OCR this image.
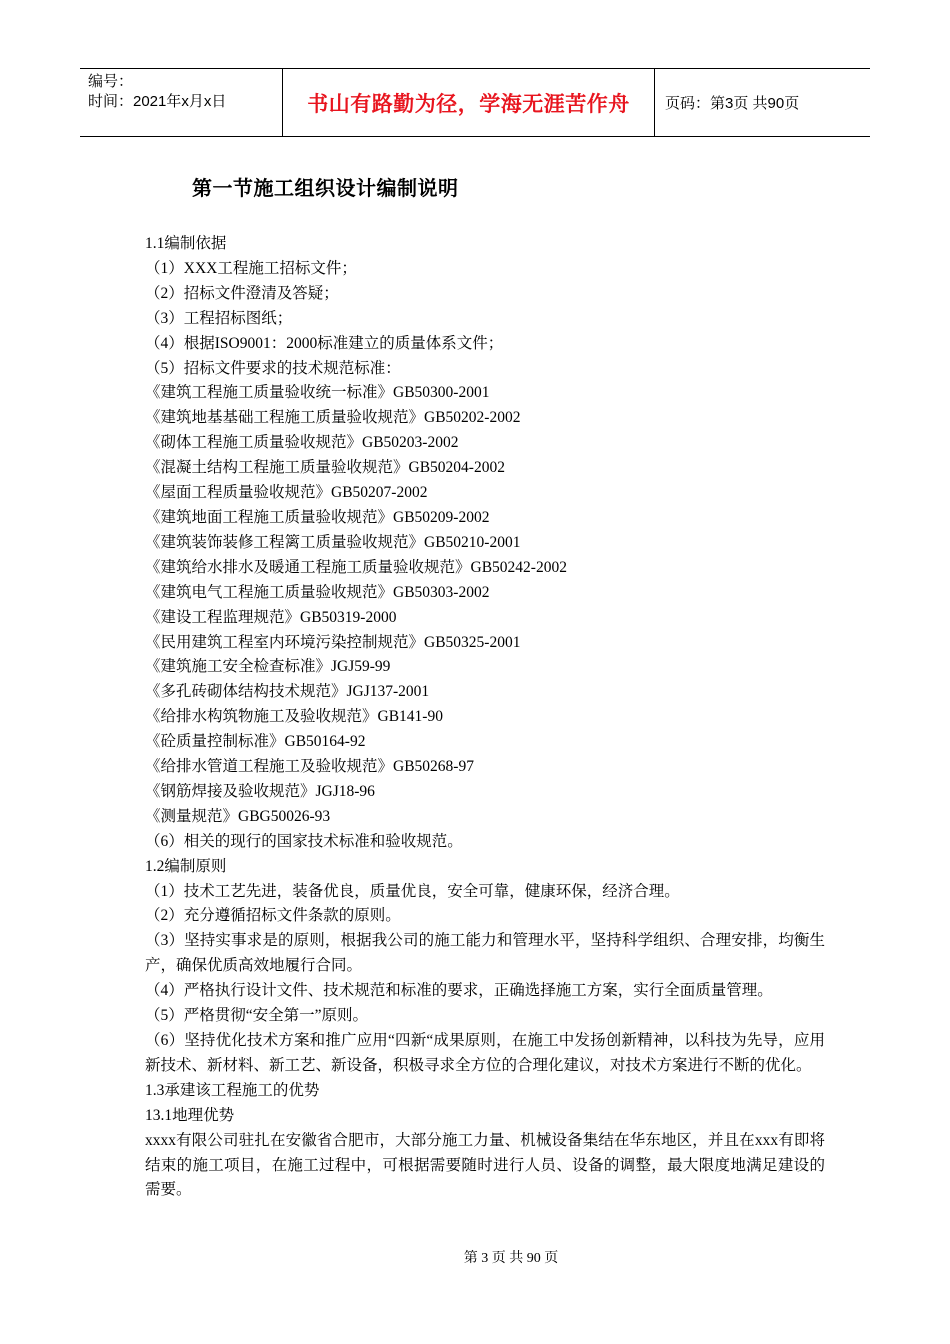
编号：
时间：2021年x月x日	书山有路勤为径，学海无涯苦作舟	页码：第3页 共90页
第一节施工组织设计编制说明

1.1编制依据

（1）XXX工程施工招标文件；

（2）招标文件澄清及答疑；

（3）工程招标图纸；

（4）根据ISO9001：2000标准建立的质量体系文件；

（5）招标文件要求的技术规范标准：

《建筑工程施工质量验收统一标准》GB50300-2001

《建筑地基基础工程施工质量验收规范》GB50202-2002

《砌体工程施工质量验收规范》GB50203-2002

《混凝土结构工程施工质量验收规范》GB50204-2002

《屋面工程质量验收规范》GB50207-2002

《建筑地面工程施工质量验收规范》GB50209-2002

《建筑装饰装修工程篱工质量验收规范》GB50210-2001

《建筑给水排水及暖通工程施工质量验收规范》GB50242-2002

《建筑电气工程施工质量验收规范》GB50303-2002

《建设工程监理规范》GB50319-2000

《民用建筑工程室内环境污染控制规范》GB50325-2001

《建筑施工安全检查标准》JGJ59-99

《多孔砖砌体结构技术规范》JGJ137-2001

《给排水构筑物施工及验收规范》GB141-90

《砼质量控制标准》GB50164-92

《给排水管道工程施工及验收规范》GB50268-97

《钢筋焊接及验收规范》JGJ18-96

《测量规范》GBG50026-93

（6）相关的现行的国家技术标准和验收规范。

1.2编制原则

（1）技术工艺先进，装备优良，质量优良，安全可靠，健康环保，经济合理。

（2）充分遵循招标文件条款的原则。

（3）坚持实事求是的原则，根据我公司的施工能力和管理水平，坚持科学组织、合理安排，均衡生产，确保优质高效地履行合同。

（4）严格执行设计文件、技术规范和标准的要求，正确选择施工方案，实行全面质量管理。

（5）严格贯彻“安全第一”原则。

（6）坚持优化技术方案和推广应用“四新“成果原则，在施工中发扬创新精神，以科技为先导，应用新技术、新材料、新工艺、新设备，积极寻求全方位的合理化建议，对技术方案进行不断的优化。

1.3承建该工程施工的优势

13.1地理优势

xxxx有限公司驻扎在安徽省合肥市，大部分施工力量、机械设备集结在华东地区，并且在xxx有即将结束的施工项目，在施工过程中，可根据需要随时进行人员、设备的调整，最大限度地满足建设的需要。

第 3 页 共 90 页
